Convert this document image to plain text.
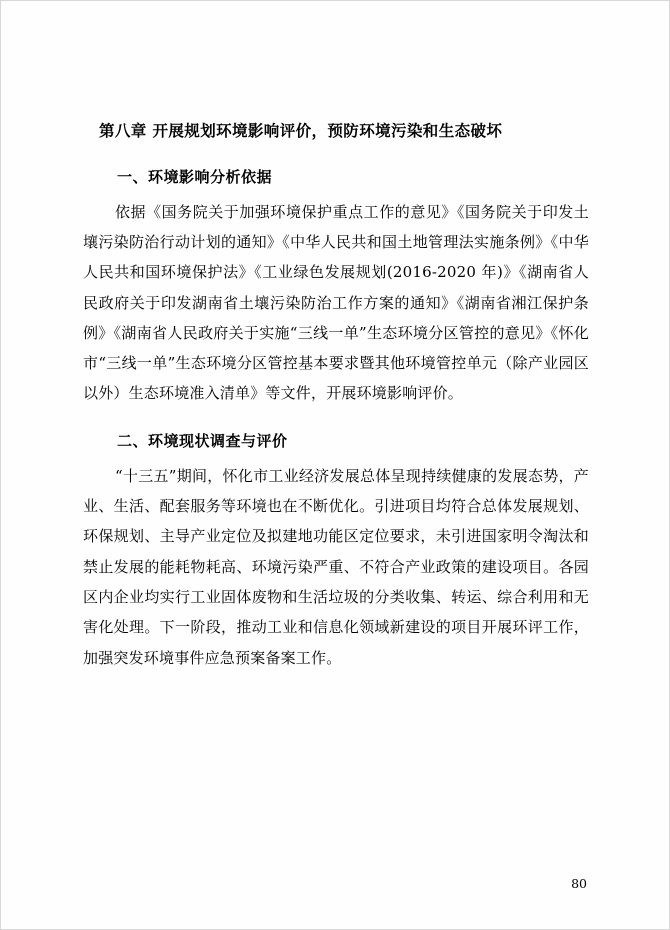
第八章 开展规划环境影响评价，预防环境污染和生态破坏
一、环境影响分析依据

依据《国务院关于加强环境保护重点工作的意见》《国务院关于印发土壤污染防治行动计划的通知》《中华人民共和国土地管理法实施条例》《中华人民共和国环境保护法》《工业绿色发展规划(2016-2020 年)》《湖南省人民政府关于印发湖南省土壤污染防治工作方案的通知》《湖南省湘江保护条例》《湖南省人民政府关于实施“三线一单”生态环境分区管控的意见》《怀化市“三线一单”生态环境分区管控基本要求暨其他环境管控单元（除产业园区以外）生态环境准入清单》等文件，开展环境影响评价。

二、环境现状调查与评价

“十三五”期间，怀化市工业经济发展总体呈现持续健康的发展态势，产业、生活、配套服务等环境也在不断优化。引进项目均符合总体发展规划、环保规划、主导产业定位及拟建地功能区定位要求，未引进国家明令淘汰和禁止发展的能耗物耗高、环境污染严重、不符合产业政策的建设项目。各园区内企业均实行工业固体废物和生活垃圾的分类收集、转运、综合利用和无害化处理。下一阶段，推动工业和信息化领域新建设的项目开展环评工作，加强突发环境事件应急预案备案工作。

80
